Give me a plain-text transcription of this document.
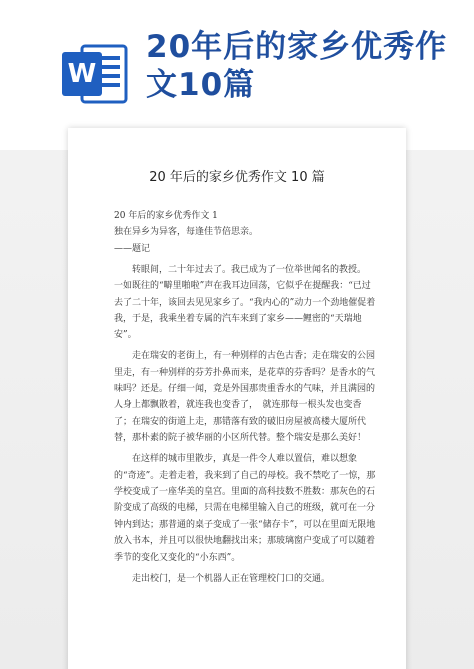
W
20年后的家乡优秀作文10篇
20 年后的家乡优秀作文 10 篇

20 年后的家乡优秀作文 1

独在异乡为异客，每逢佳节倍思亲。

——题记

转眼间，二十年过去了。我已成为了一位举世闻名的教授。　一如既往的“噼里啪啦”声在我耳边回荡，它似乎在提醒我：“已过去了二十年，该回去见见家乡了。“我内心的”动力一个劲地催促着我，于是，我乘坐着专属的汽车来到了家乡——鲤密的“天瑞地安”。

走在瑞安的老街上，有一种别样的古色古香；走在瑞安的公园里走，有一种别样的芬芳扑鼻而来，是花草的芬香吗？是香水的气味吗？还是。仔细一闻，竟是外国那贵重香水的气味，并且满园的人身上都飘散着，就连我也变香了，　就连那每一根头发也变香了；在瑞安的街道上走，那错落有致的破旧房屋被高楼大厦所代替，那朴素的院子被华丽的小区所代替。整个瑞安是那么美好！

在这样的城市里散步，真是一件令人难以置信，难以想象的“奇迹”。走着走着，我来到了自己的母校。我不禁吃了一惊，那学校变成了一座华美的皇宫。里面的高科技数不胜数：那灰色的石阶变成了高级的电梯，只需在电梯里输入自己的班级，就可在一分钟内到达；那普通的桌子变成了一张“储存卡”，可以在里面无限地放入书本，并且可以很快地翻找出来；那玻璃窗户变成了可以随着季节的变化又变化的“小东西”。

走出校门，是一个机器人正在管理校门口的交通。
